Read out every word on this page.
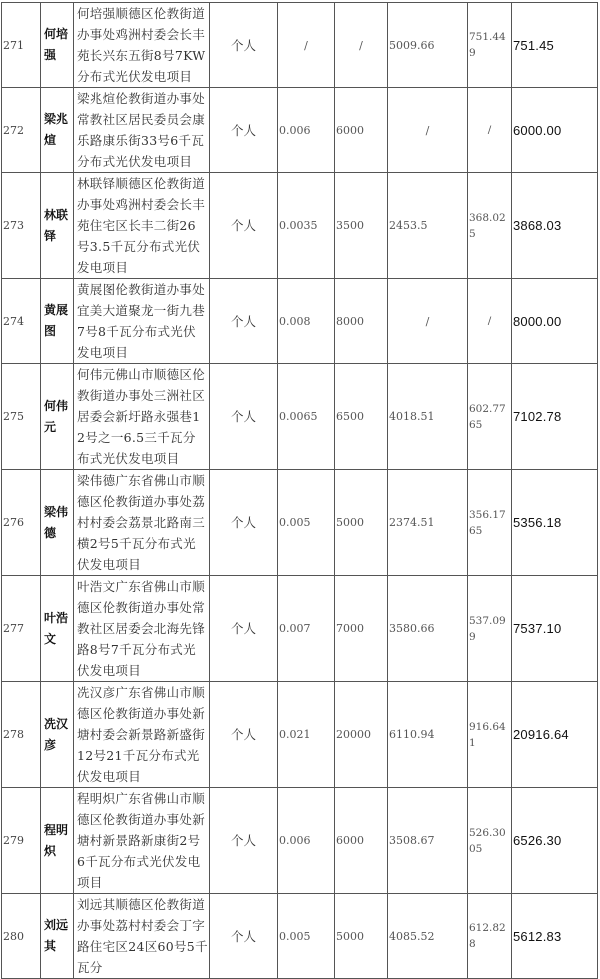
271	何培强	何培强顺德区伦教街道办事处鸡洲村委会长丰苑长兴东五街8号7KW分布式光伏发电项目	个人	/	/	5009.66	751.449	751.45
272	梁兆煊	梁兆煊伦教街道办事处常教社区居民委员会康乐路康乐街33号6千瓦分布式光伏发电项目	个人	0.006	6000	/	/	6000.00
273	林联铎	林联铎顺德区伦教街道办事处鸡洲村委会长丰苑住宅区长丰二街26号3.5千瓦分布式光伏发电项目	个人	0.0035	3500	2453.5	368.025	3868.03
274	黄展图	黄展图伦教街道办事处宜美大道聚龙一街九巷7号8千瓦分布式光伏发电项目	个人	0.008	8000	/	/	8000.00
275	何伟元	何伟元佛山市顺德区伦教街道办事处三洲社区居委会新圩路永强巷12号之一6.5三千瓦分布式光伏发电项目	个人	0.0065	6500	4018.51	602.7765	7102.78
276	梁伟德	梁伟德广东省佛山市顺德区伦教街道办事处荔村村委会荔景北路南三横2号5千瓦分布式光伏发电项目	个人	0.005	5000	2374.51	356.1765	5356.18
277	叶浩文	叶浩文广东省佛山市顺德区伦教街道办事处常教社区居委会北海先锋路8号7千瓦分布式光伏发电项目	个人	0.007	7000	3580.66	537.099	7537.10
278	冼汉彦	冼汉彦广东省佛山市顺德区伦教街道办事处新塘村委会新景路新盛街12号21千瓦分布式光伏发电项目	个人	0.021	20000	6110.94	916.641	20916.64
279	程明炽	程明炽广东省佛山市顺德区伦教街道办事处新塘村新景路新康街2号6千瓦分布式光伏发电项目	个人	0.006	6000	3508.67	526.3005	6526.30
280	刘远其	刘远其顺德区伦教街道办事处荔村村委会丁字路住宅区24区60号5千瓦分	个人	0.005	5000	4085.52	612.828	5612.83
